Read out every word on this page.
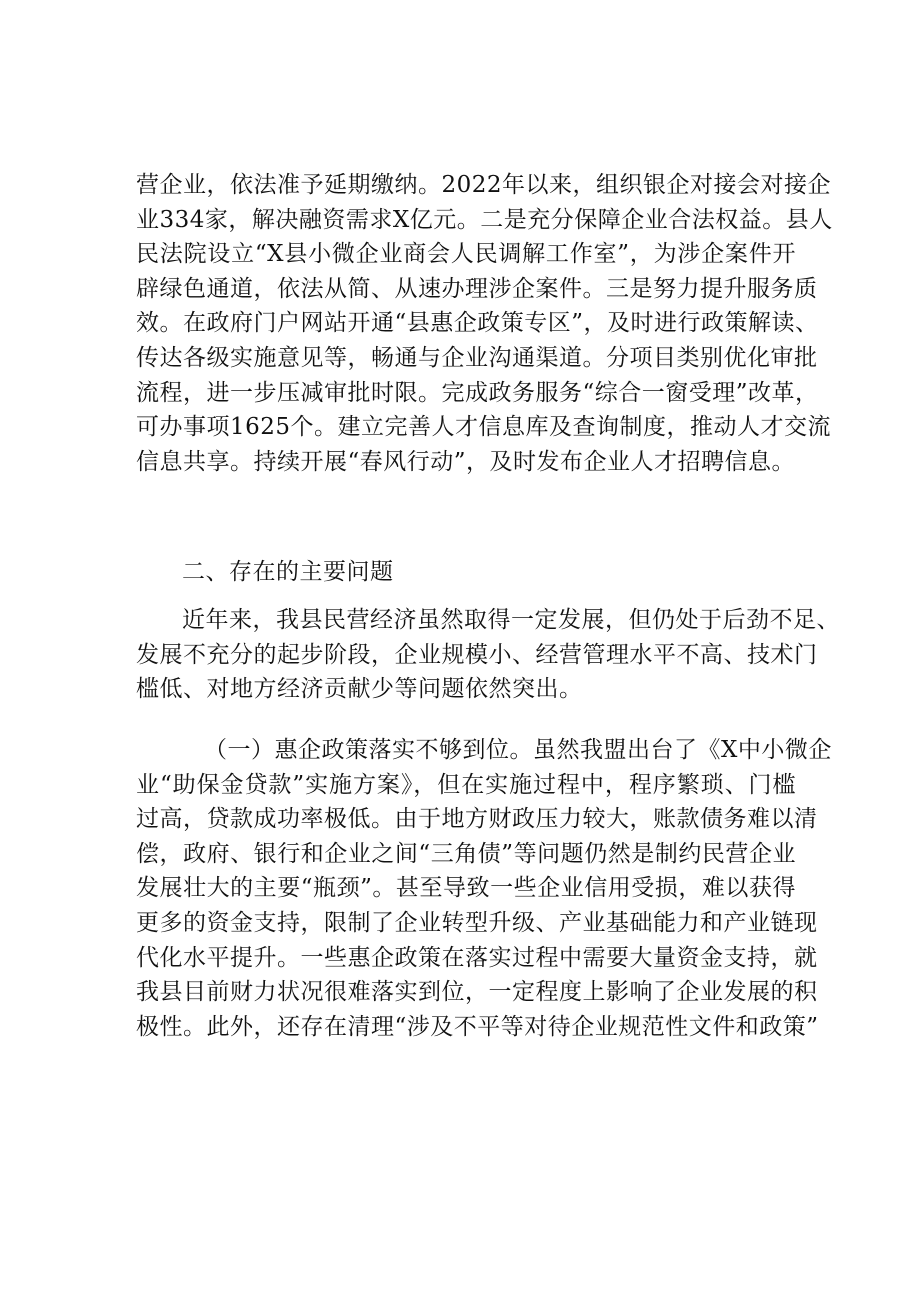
营企业，依法准予延期缴纳。2022年以来，组织银企对接会对接企
业334家，解决融资需求X亿元。二是充分保障企业合法权益。县人
民法院设立“X县小微企业商会人民调解工作室”，为涉企案件开
辟绿色通道，依法从简、从速办理涉企案件。三是努力提升服务质
效。在政府门户网站开通“县惠企政策专区”，及时进行政策解读、
传达各级实施意见等，畅通与企业沟通渠道。分项目类别优化审批
流程，进一步压减审批时限。完成政务服务“综合一窗受理”改革，
可办事项1625个。建立完善人才信息库及查询制度，推动人才交流
信息共享。持续开展“春风行动”，及时发布企业人才招聘信息。
二、存在的主要问题
近年来，我县民营经济虽然取得一定发展，但仍处于后劲不足、
发展不充分的起步阶段，企业规模小、经营管理水平不高、技术门
槛低、对地方经济贡献少等问题依然突出。
（一）惠企政策落实不够到位。虽然我盟出台了《X中小微企
业“助保金贷款”实施方案》，但在实施过程中，程序繁琐、门槛
过高，贷款成功率极低。由于地方财政压力较大，账款债务难以清
偿，政府、银行和企业之间“三角债”等问题仍然是制约民营企业
发展壮大的主要“瓶颈”。甚至导致一些企业信用受损，难以获得
更多的资金支持，限制了企业转型升级、产业基础能力和产业链现
代化水平提升。一些惠企政策在落实过程中需要大量资金支持，就
我县目前财力状况很难落实到位，一定程度上影响了企业发展的积
极性。此外，还存在清理“涉及不平等对待企业规范性文件和政策”
